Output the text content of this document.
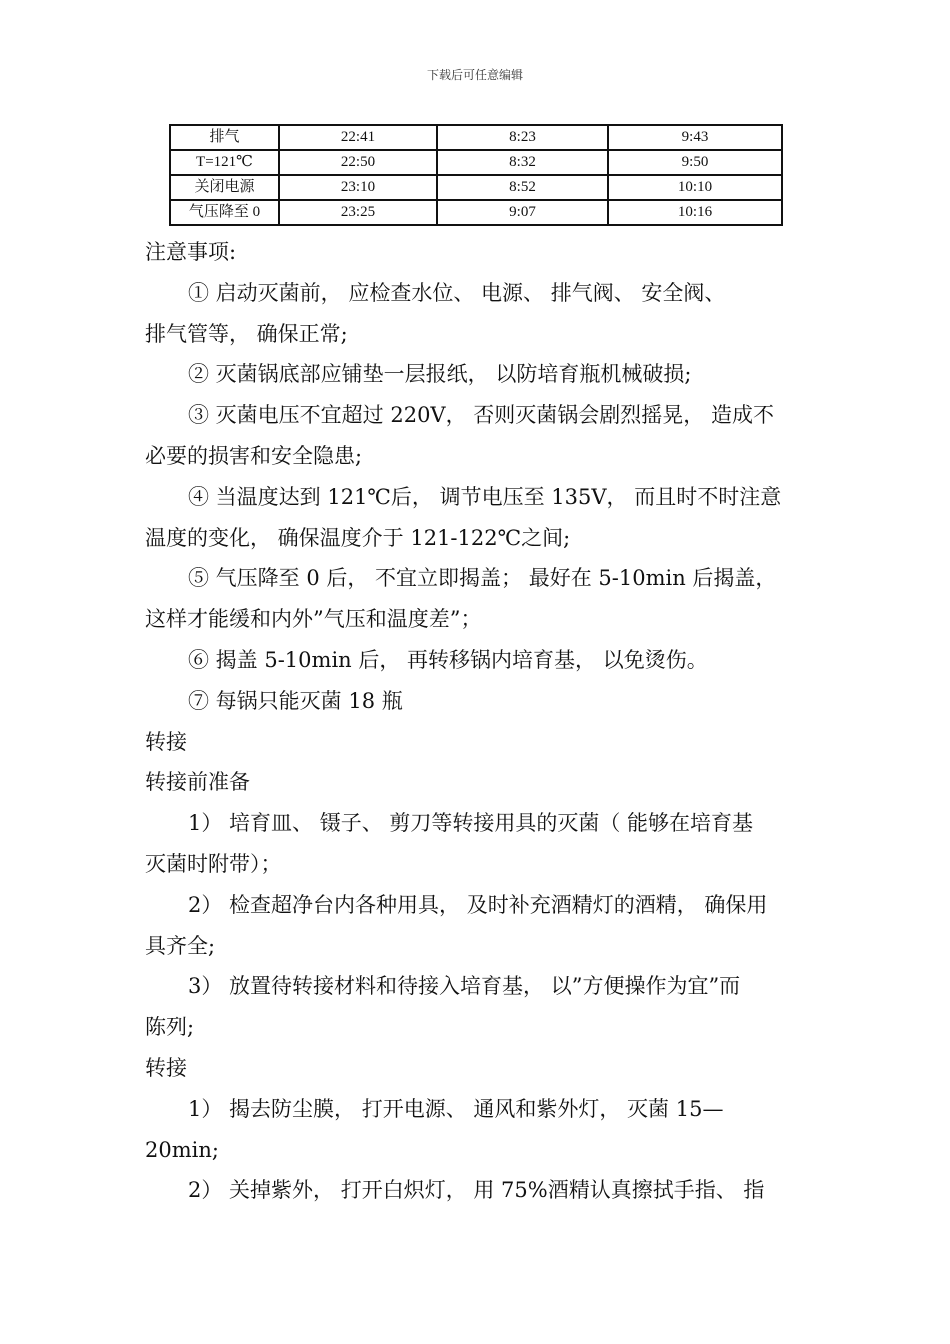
下载后可任意编辑
排气	22:41	8:23	9:43
T=121℃	22:50	8:32	9:50
关闭电源	23:10	8:52	10:10
气压降至 0	23:25	9:07	10:16
注意事项:
① 启动灭菌前， 应检查水位、 电源、 排气阀、 安全阀、
排气管等， 确保正常;
② 灭菌锅底部应铺垫一层报纸， 以防培育瓶机械破损;
③ 灭菌电压不宜超过 220V， 否则灭菌锅会剧烈摇晃， 造成不
必要的损害和安全隐患;
④ 当温度达到 121℃后， 调节电压至 135V， 而且时不时注意
温度的变化， 确保温度介于 121-122℃之间;
⑤ 气压降至 0 后， 不宜立即揭盖； 最好在 5-10min 后揭盖，
这样才能缓和内外”气压和温度差”；
⑥ 揭盖 5-10min 后， 再转移锅内培育基， 以免烫伤。
⑦ 每锅只能灭菌 18 瓶
转接
转接前准备
1） 培育皿、 镊子、 剪刀等转接用具的灭菌（ 能够在培育基
灭菌时附带）；
2） 检查超净台内各种用具， 及时补充酒精灯的酒精， 确保用
具齐全;
3） 放置待转接材料和待接入培育基， 以”方便操作为宜”而
陈列;
转接
1） 揭去防尘膜， 打开电源、 通风和紫外灯， 灭菌 15—
20min;
2） 关掉紫外， 打开白炽灯， 用 75%酒精认真擦拭手指、 指
